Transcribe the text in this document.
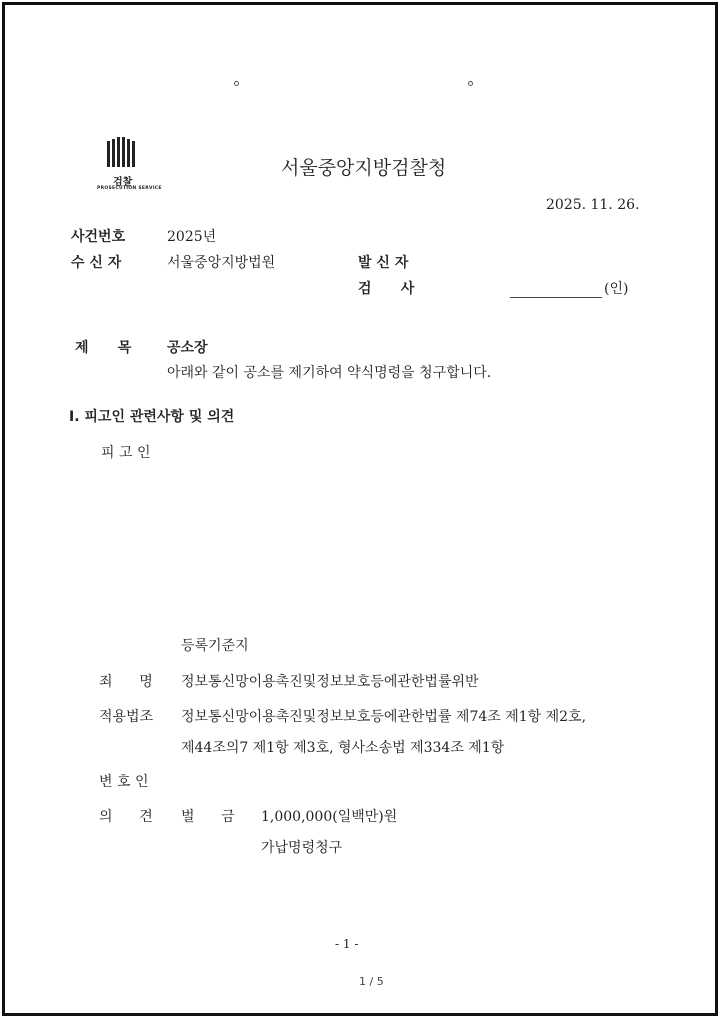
검찰
PROSECUTION SERVICE
서울중앙지방검찰청
2025. 11. 26.
사건번호	2025년
수 신 자	서울중앙지방법원	발 신 자
검      사	(인)
제      목	공소장
아래와 같이 공소를 제기하여 약식명령을 청구합니다.
Ⅰ. 피고인 관련사항 및 의견
피 고 인
등록기준지
죄      명 정보통신망이용촉진및정보보호등에관한법률위반
적용법조 정보통신망이용촉진및정보보호등에관한법률 제74조 제1항 제2호,
제44조의7 제1항 제3호, 형사소송법 제334조 제1항
변 호 인
의      견 벌      금 1,000,000(일백만)원
가납명령청구
- 1 -
1 / 5
